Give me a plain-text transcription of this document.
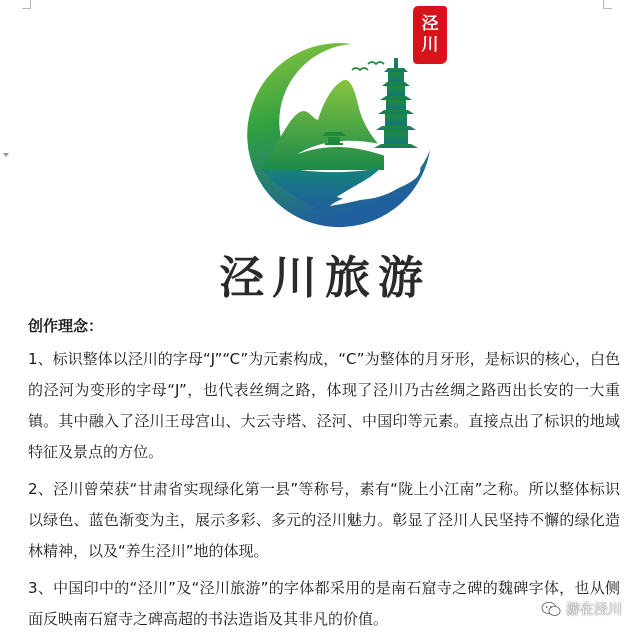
泾
川
泾川旅游
创作理念：

1、标识整体以泾川的字母“J”“C”为元素构成，“C”为整体的月牙形，是标识的核心，白色的泾河为变形的字母“J”，也代表丝绸之路，体现了泾川乃古丝绸之路西出长安的一大重镇。其中融入了泾川王母宫山、大云寺塔、泾河、中国印等元素。直接点出了标识的地域特征及景点的方位。

2、泾川曾荣获“甘肃省实现绿化第一县”等称号，素有“陇上小江南”之称。所以整体标识以绿色、蓝色渐变为主，展示多彩、多元的泾川魅力。彰显了泾川人民坚持不懈的绿化造林精神，以及“养生泾川”地的体现。

3、中国印中的“泾川”及“泾川旅游”的字体都采用的是南石窟寺之碑的魏碑字体，也从侧面反映南石窟寺之碑高超的书法造诣及其非凡的价值。	游在泾川
